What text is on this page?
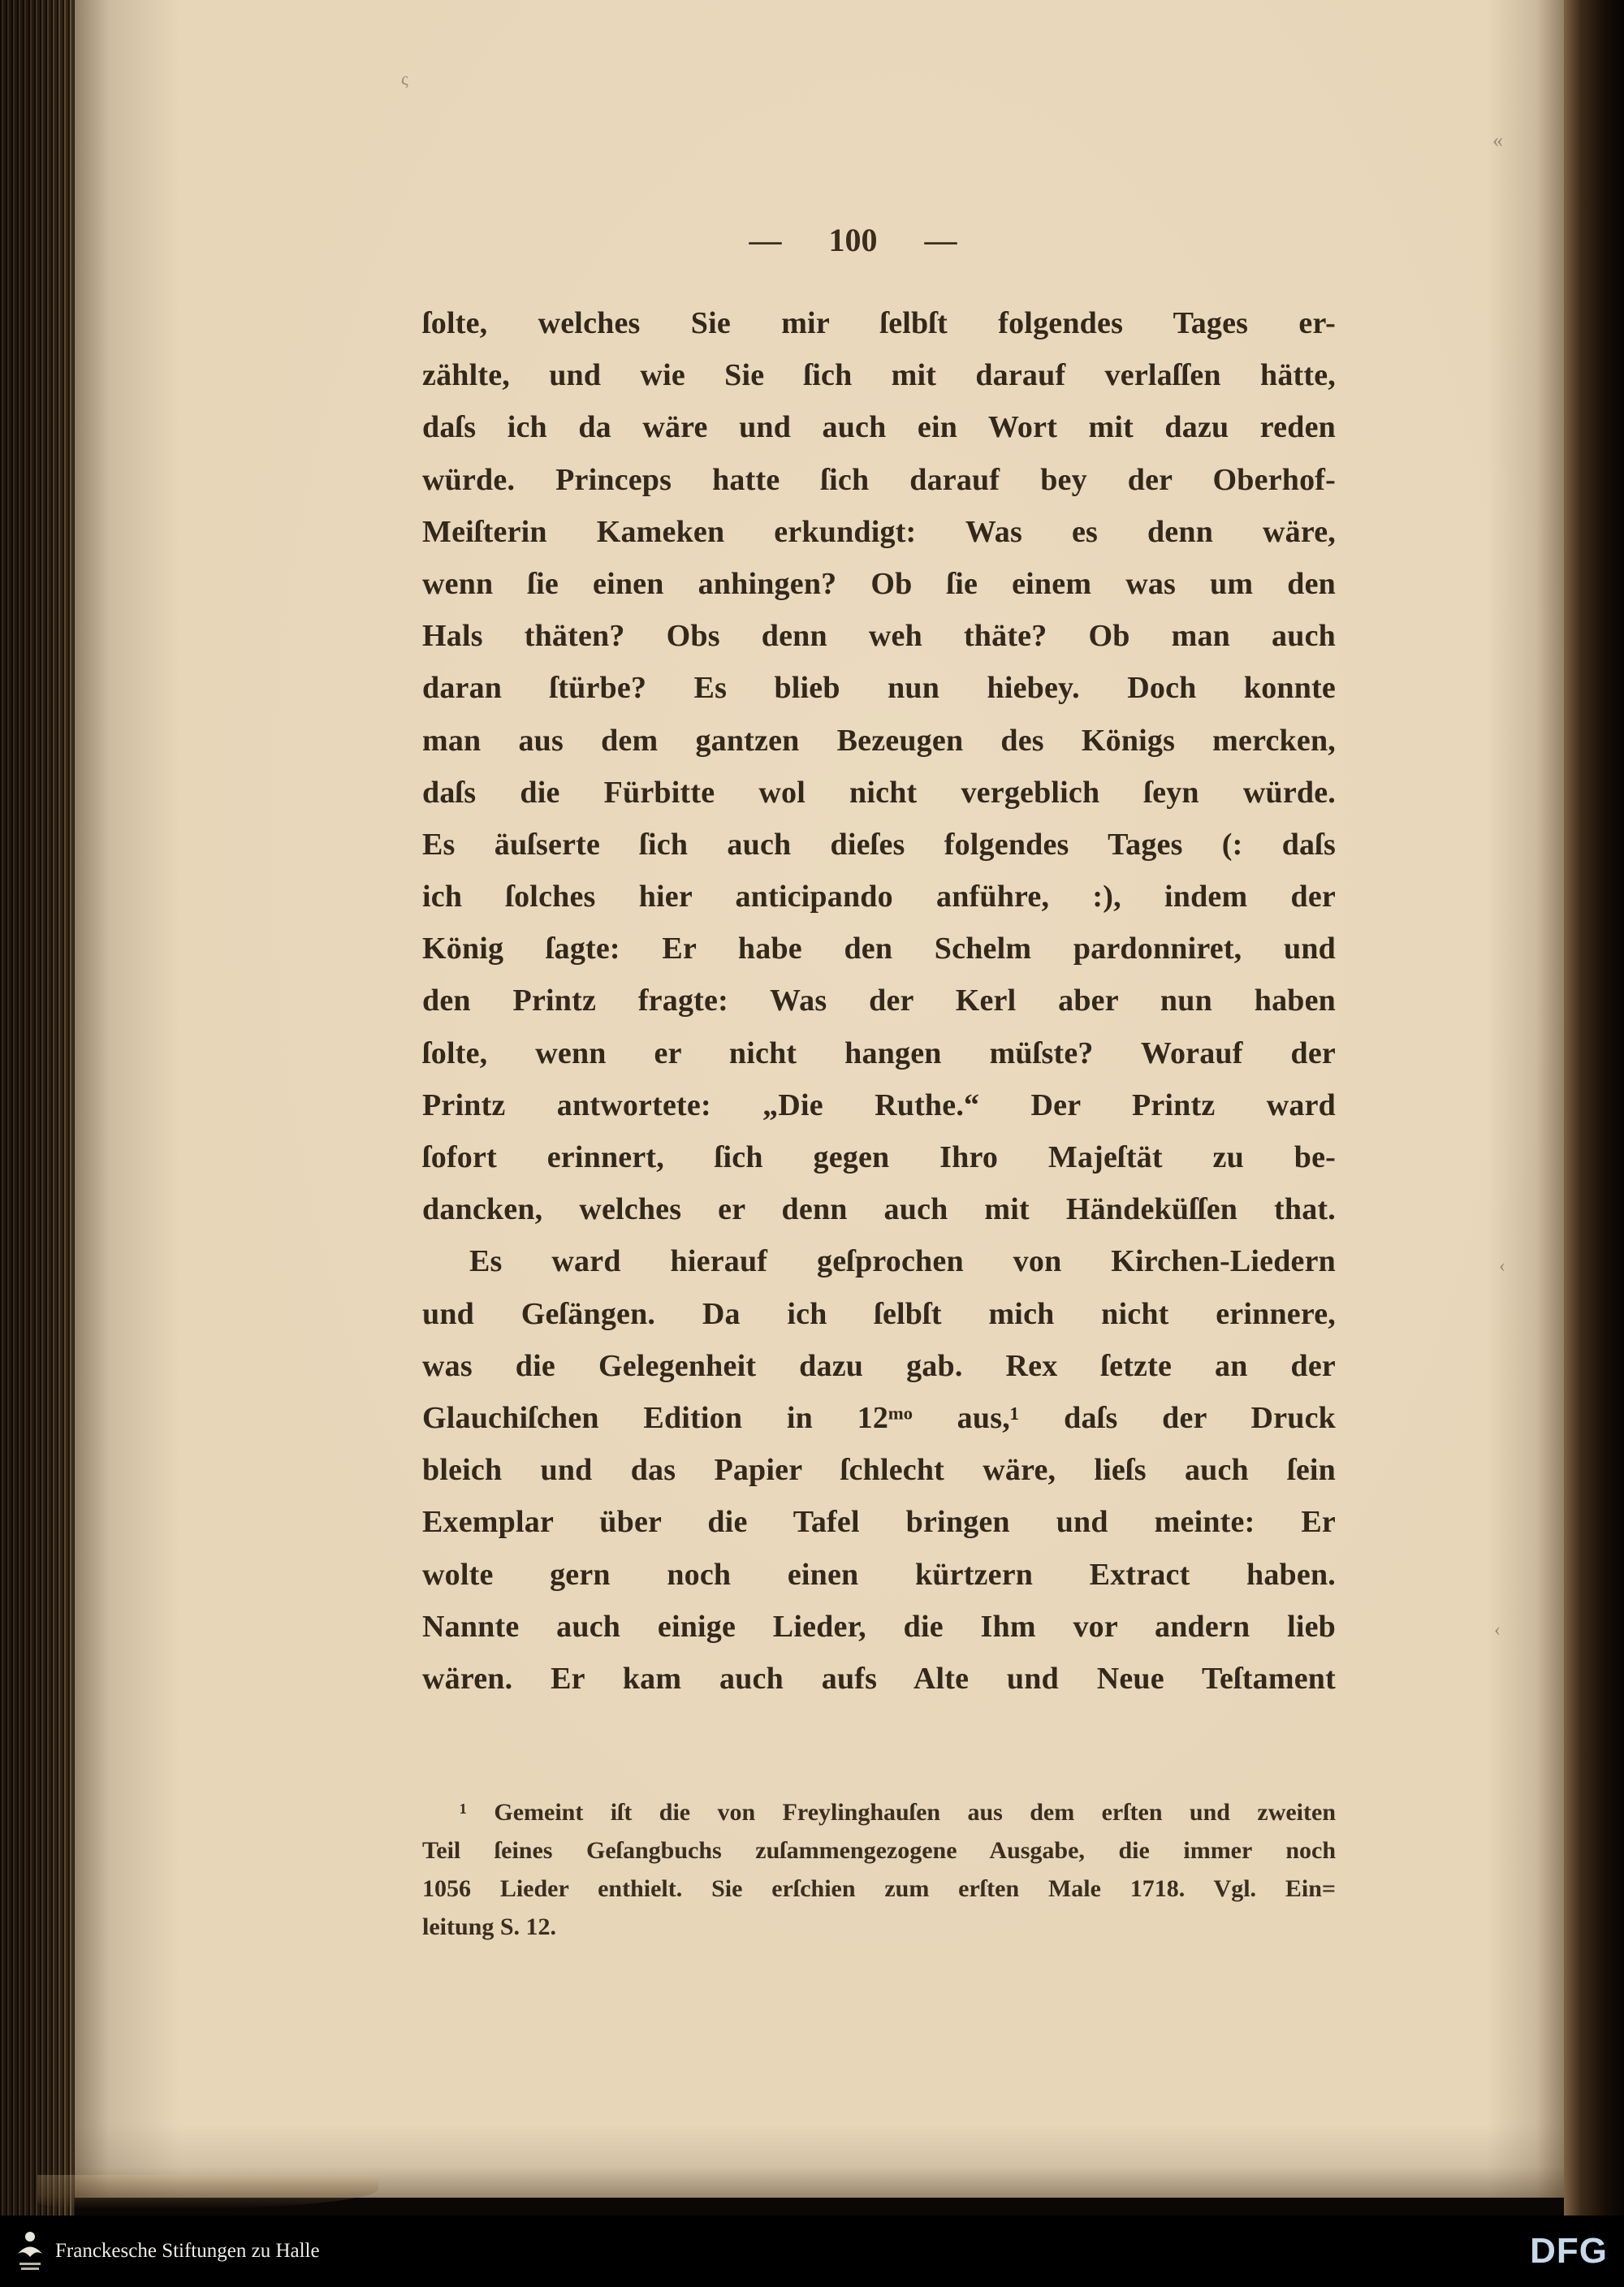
— 100 —
ſolte, welches Sie mir ſelbſt folgendes Tages er-
zählte, und wie Sie ſich mit darauf verlaſſen hätte,
daſs ich da wäre und auch ein Wort mit dazu reden
würde. Princeps hatte ſich darauf bey der Oberhof-
Meiſterin Kameken erkundigt: Was es denn wäre,
wenn ſie einen anhingen? Ob ſie einem was um den
Hals thäten? Obs denn weh thäte? Ob man auch
daran ſtürbe? Es blieb nun hiebey. Doch konnte
man aus dem gantzen Bezeugen des Königs mercken,
daſs die Fürbitte wol nicht vergeblich ſeyn würde.
Es äuſserte ſich auch dieſes folgendes Tages (: daſs
ich ſolches hier anticipando anführe, :), indem der
König ſagte: Er habe den Schelm pardonniret, und
den Printz fragte: Was der Kerl aber nun haben
ſolte, wenn er nicht hangen müſste? Worauf der
Printz antwortete: „Die Ruthe.“ Der Printz ward
ſofort erinnert, ſich gegen Ihro Majeſtät zu be-
dancken, welches er denn auch mit Händeküſſen that.
Es ward hierauf geſprochen von Kirchen-Liedern
und Geſängen. Da ich ſelbſt mich nicht erinnere,
was die Gelegenheit dazu gab. Rex ſetzte an der
Glauchiſchen Edition in 12ᵐᵒ aus,¹ daſs der Druck
bleich und das Papier ſchlecht wäre, lieſs auch ſein
Exemplar über die Tafel bringen und meinte: Er
wolte gern noch einen kürtzern Extract haben.
Nannte auch einige Lieder, die Ihm vor andern lieb
wären. Er kam auch aufs Alte und Neue Teſtament
¹ Gemeint iſt die von Freylinghauſen aus dem erſten und zweiten
Teil ſeines Geſangbuchs zuſammengezogene Ausgabe, die immer noch
1056 Lieder enthielt. Sie erſchien zum erſten Male 1718. Vgl. Ein=
leitung S. 12.
ς
«
‹
‹
Franckesche Stiftungen zu Halle	DFG
